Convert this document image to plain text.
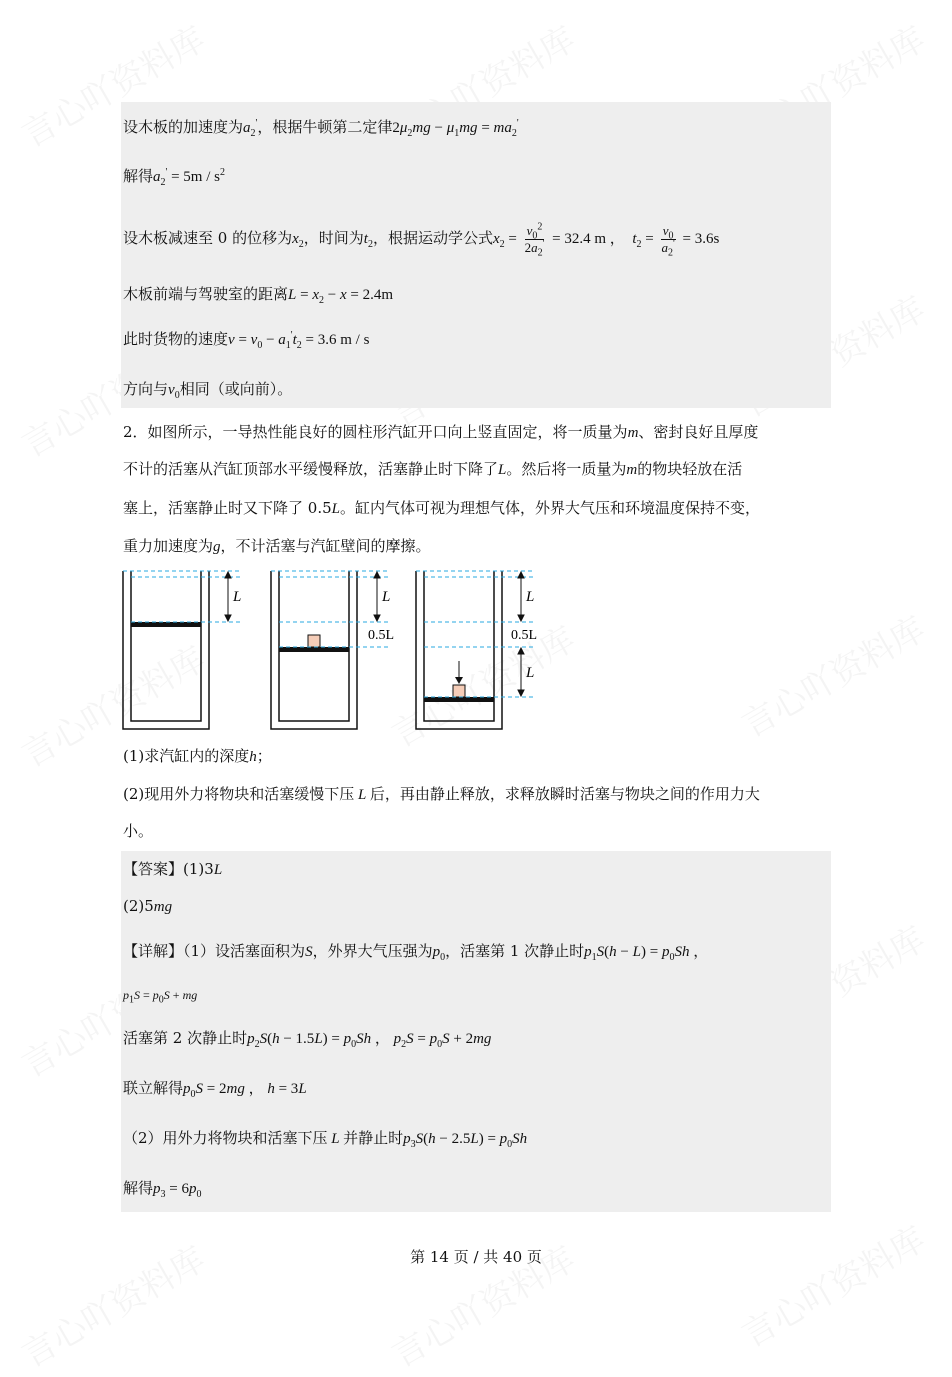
设木板的加速度为$a_2'$，根据牛顿第二定律$2\mu_2mg - \mu_1mg = ma_2'$
解得$a_2' = 5m / s^2$
设木板减速至 0 的位移为$x_2$，时间为$t_2$，根据运动学公式$x_2 = \frac{v_0^2}{2a_2'} = 32.4$ m ，  $t_2 = \frac{v_0}{a_2'} = 3.6s$
木板前端与驾驶室的距离$L = x_2 - x = 2.4m$
此时货物的速度$v = v_0 - a_1't_2 = 3.6$ m / s
方向与$v_0$相同（或向前）。
2．如图所示，一导热性能良好的圆柱形汽缸开口向上竖直固定，将一质量为m、密封良好且厚度
不计的活塞从汽缸顶部水平缓慢释放，活塞静止时下降了L。然后将一质量为m的物块轻放在活
塞上，活塞静止时又下降了 0.5L。缸内气体可视为理想气体，外界大气压和环境温度保持不变，
重力加速度为g，不计活塞与汽缸壁间的摩擦。
L	L
0.5L
L
0.5L
L
(1)求汽缸内的深度h；
(2)现用外力将物块和活塞缓慢下压 L 后，再由静止释放，求释放瞬时活塞与物块之间的作用力大
小。
【答案】(1)3L
(2)5mg
【详解】（1）设活塞面积为S，外界大气压强为$p_0$，活塞第 1 次静止时$p_1S(h - L) = p_0Sh$ ，
$p_1S = p_0S$ + mg
活塞第 2 次静止时$p_2S(h - 1.5L) = p_0Sh$ ， $p_2S = p_0S + 2mg$
联立解得$p_0S = 2mg$ ， h = 3L
（2）用外力将物块和活塞下压 L 并静止时$p_3S(h - 2.5L) = p_0Sh$
解得$p_3 = 6p_0$
第 14 页 / 共 40 页
